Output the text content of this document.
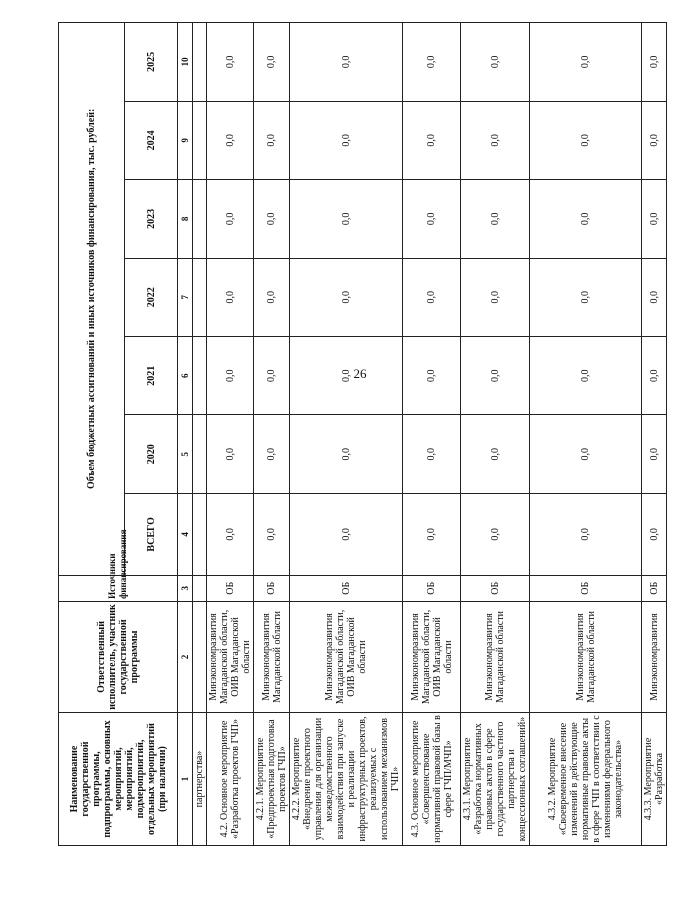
26
Наименование государственной программы, подпрограммы, основных мероприятий, мероприятий, подмероприятий, отдельных мероприятий (при наличии)	Ответственный исполнитель, участник государственной программы	Источники финансирования	Объем бюджетных ассигнований и иных источников финансирования, тыс. рублей:						
			ВСЕГО	2020	2021	2022	2023	2024	2025
1	2	3	4	5	6	7	8	9	10
партнерства»									
4.2. Основное мероприятие «Разработка проектов ГЧП»	Минэкономразвития Магаданской области, ОИВ Магаданской области	ОБ	0,0	0,0	0,0	0,0	0,0	0,0	0,0
4.2.1. Мероприятие «Предпроектная подготовка проектов ГЧП»	Минэкономразвития Магаданской области	ОБ	0,0	0,0	0,0	0,0	0,0	0,0	0,0
4.2.2. Мероприятие «Внедрение проектного управления для организации межведомственного взаимодействия при запуске и реализации инфраструктурных проектов, реализуемых с использованием механизмов ГЧП»	Минэкономразвития Магаданской области, ОИВ Магаданской области	ОБ	0,0	0,0	0,0	0,0	0,0	0,0	0,0
4.3. Основное мероприятие «Совершенствование нормативной правовой базы в сфере ГЧП/МЧП»	Минэкономразвития Магаданской области, ОИВ Магаданской области	ОБ	0,0	0,0	0,0	0,0	0,0	0,0	0,0
4.3.1. Мероприятие «Разработка нормативных правовых актов в сфере государственного частного партнерства и концессионных соглашений»	Минэкономразвития Магаданской области	ОБ	0,0	0,0	0,0	0,0	0,0	0,0	0,0
4.3.2. Мероприятие «Своевременное внесение изменений в действующие нормативные правовые акты в сфере ГЧП в соответствии с изменениями федерального законодательства»	Минэкономразвития Магаданской области	ОБ	0,0	0,0	0,0	0,0	0,0	0,0	0,0
4.3.3. Мероприятие «Разработка	Минэкономразвития	ОБ	0,0	0,0	0,0	0,0	0,0	0,0	0,0
